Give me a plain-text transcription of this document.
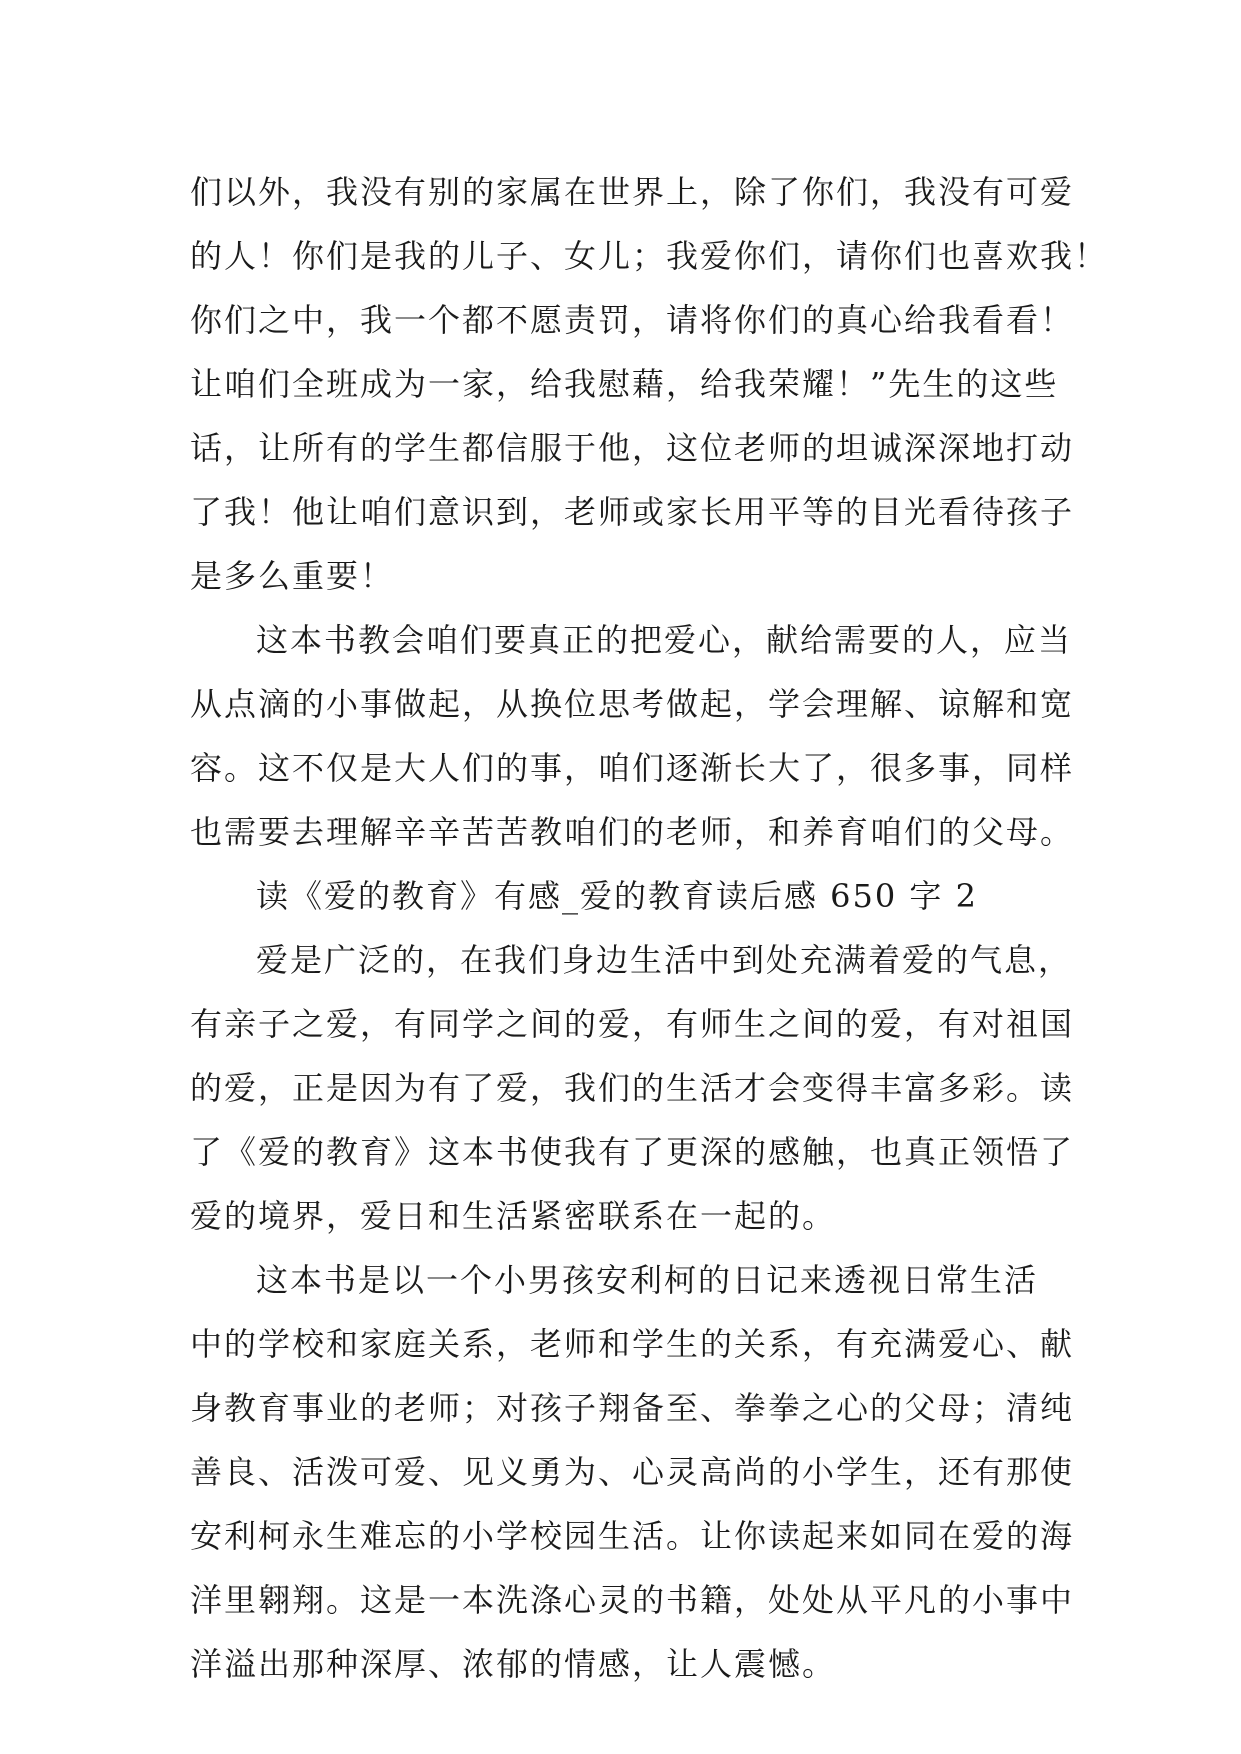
们以外，我没有别的家属在世界上，除了你们，我没有可爱
的人！你们是我的儿子、女儿；我爱你们，请你们也喜欢我！
你们之中，我一个都不愿责罚，请将你们的真心给我看看！
让咱们全班成为一家，给我慰藉，给我荣耀！”先生的这些
话，让所有的学生都信服于他，这位老师的坦诚深深地打动
了我！他让咱们意识到，老师或家长用平等的目光看待孩子
是多么重要！
这本书教会咱们要真正的把爱心，献给需要的人，应当
从点滴的小事做起，从换位思考做起，学会理解、谅解和宽
容。这不仅是大人们的事，咱们逐渐长大了，很多事，同样
也需要去理解辛辛苦苦教咱们的老师，和养育咱们的父母。
读《爱的教育》有感_爱的教育读后感 650 字 2
爱是广泛的，在我们身边生活中到处充满着爱的气息，
有亲子之爱，有同学之间的爱，有师生之间的爱，有对祖国
的爱，正是因为有了爱，我们的生活才会变得丰富多彩。读
了《爱的教育》这本书使我有了更深的感触，也真正领悟了
爱的境界，爱日和生活紧密联系在一起的。
这本书是以一个小男孩安利柯的日记来透视日常生活
中的学校和家庭关系，老师和学生的关系，有充满爱心、献
身教育事业的老师；对孩子翔备至、拳拳之心的父母；清纯
善良、活泼可爱、见义勇为、心灵高尚的小学生，还有那使
安利柯永生难忘的小学校园生活。让你读起来如同在爱的海
洋里翱翔。这是一本洗涤心灵的书籍，处处从平凡的小事中
洋溢出那种深厚、浓郁的情感，让人震憾。
